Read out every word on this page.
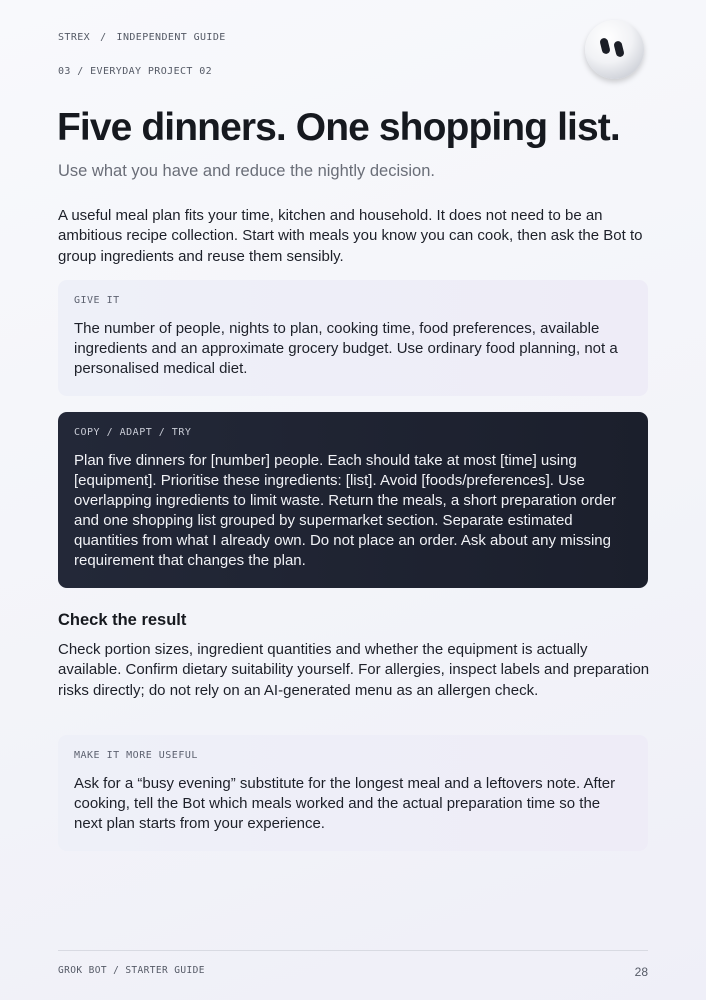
STREX / INDEPENDENT GUIDE
03 / EVERYDAY PROJECT 02
Five dinners. One shopping list.

Use what you have and reduce the nightly decision.

A useful meal plan fits your time, kitchen and household. It does not need to be an ambitious recipe collection. Start with meals you know you can cook, then ask the Bot to group ingredients and reuse them sensibly.

GIVE IT

The number of people, nights to plan, cooking time, food preferences, available ingredients and an approximate grocery budget. Use ordinary food planning, not a personalised medical diet.

COPY / ADAPT / TRY

Plan five dinners for [number] people. Each should take at most [time] using [equipment]. Prioritise these ingredients: [list]. Avoid [foods/preferences]. Use overlapping ingredients to limit waste. Return the meals, a short preparation order and one shopping list grouped by supermarket section. Separate estimated quantities from what I already own. Do not place an order. Ask about any missing requirement that changes the plan.

Check the result

Check portion sizes, ingredient quantities and whether the equipment is actually available. Confirm dietary suitability yourself. For allergies, inspect labels and preparation risks directly; do not rely on an AI-generated menu as an allergen check.

MAKE IT MORE USEFUL

Ask for a “busy evening” substitute for the longest meal and a leftovers note. After cooking, tell the Bot which meals worked and the actual preparation time so the next plan starts from your experience.

GROK BOT / STARTER GUIDE	28
